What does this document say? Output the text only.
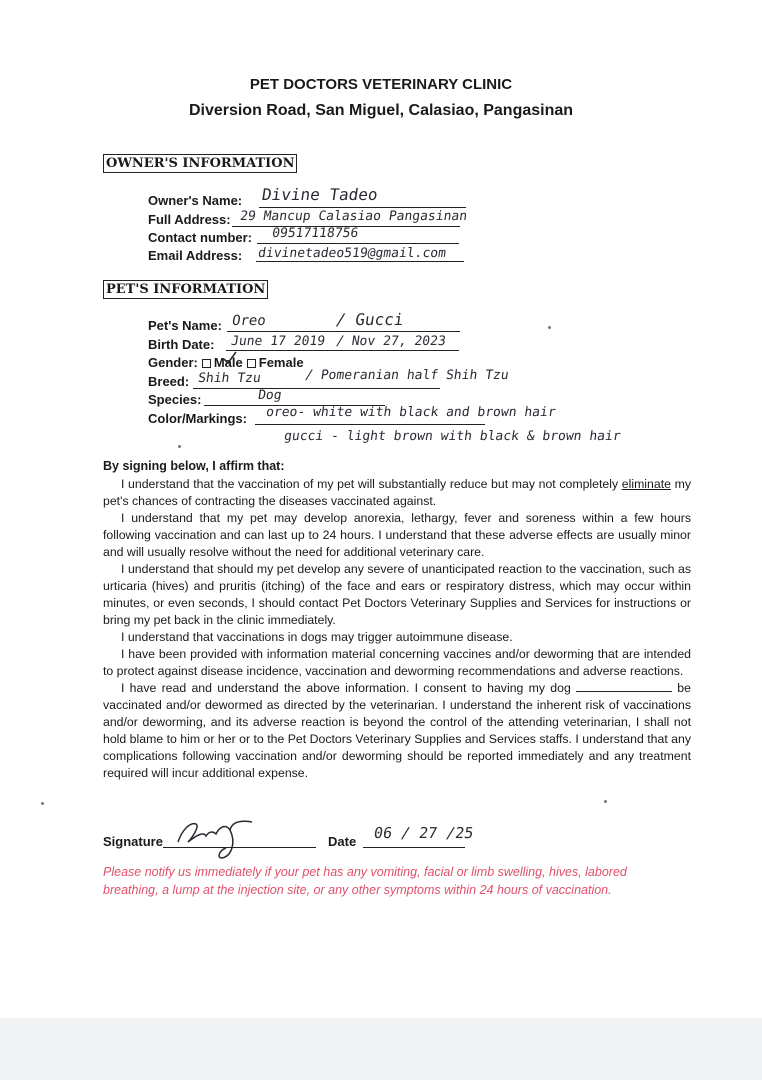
PET DOCTORS VETERINARY CLINIC
Diversion Road, San Miguel, Calasiao, Pangasinan
OWNER'S INFORMATION
Owner's Name: Divine Tadeo
Full Address: 29 Mancup Calasiao Pangasinan
Contact number: 09517118756
Email Address: divinetadeo519@gmail.com
PET'S INFORMATION
Pet's Name: Oreo	/ Gucci
Birth Date: June 17 2019 / Nov 27, 2023
Gender: Male Female
Breed: Shih Tzu	/ Pomeranian half Shih Tzu
Species:	Dog
Color/Markings: oreo- white with black and brown hair
gucci - light brown with black & brown hair
By signing below, I affirm that:

I understand that the vaccination of my pet will substantially reduce but may not completely eliminate my pet's chances of contracting the diseases vaccinated against.

I understand that my pet may develop anorexia, lethargy, fever and soreness within a few hours following vaccination and can last up to 24 hours. I understand that these adverse effects are usually minor and will usually resolve without the need for additional veterinary care.

I understand that should my pet develop any severe of unanticipated reaction to the vaccination, such as urticaria (hives) and pruritis (itching) of the face and ears or respiratory distress, which may occur within minutes, or even seconds, I should contact Pet Doctors Veterinary Supplies and Services for instructions or bring my pet back in the clinic immediately.

I understand that vaccinations in dogs may trigger autoimmune disease.

I have been provided with information material concerning vaccines and/or deworming that are intended to protect against disease incidence, vaccination and deworming recommendations and adverse reactions.

I have read and understand the above information. I consent to having my dog	be vaccinated and/or dewormed as directed by the veterinarian. I understand the inherent risk of vaccinations and/or deworming, and its adverse reaction is beyond the control of the attending veterinarian, I shall not hold blame to him or her or to the Pet Doctors Veterinary Supplies and Services staffs. I understand that any complications following vaccination and/or deworming should be reported immediately and any treatment required will incur additional expense.

Signature	Date 06 / 27 /25
Please notify us immediately if your pet has any vomiting, facial or limb swelling, hives, labored breathing, a lump at the injection site, or any other symptoms within 24 hours of vaccination.
